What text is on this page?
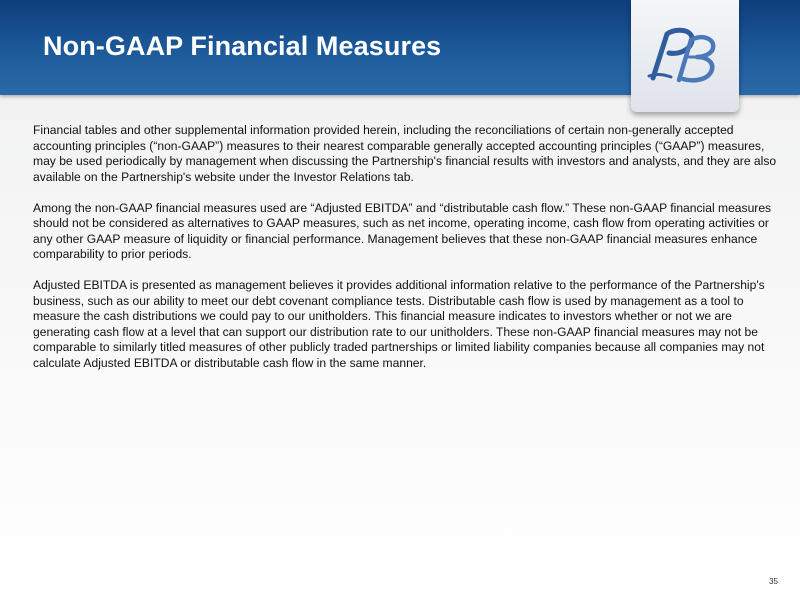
Non-GAAP Financial Measures

Financial tables and other supplemental information provided herein, including the reconciliations of certain non-generally accepted accounting principles (“non-GAAP”) measures to their nearest comparable generally accepted accounting principles (“GAAP”) measures, may be used periodically by management when discussing the Partnership's financial results with investors and analysts, and they are also available on the Partnership's website under the Investor Relations tab.

Among the non-GAAP financial measures used are “Adjusted EBITDA” and “distributable cash flow.” These non-GAAP financial measures should not be considered as alternatives to GAAP measures, such as net income, operating income, cash flow from operating activities or any other GAAP measure of liquidity or financial performance. Management believes that these non-GAAP financial measures enhance comparability to prior periods.

Adjusted EBITDA is presented as management believes it provides additional information relative to the performance of the Partnership's business, such as our ability to meet our debt covenant compliance tests. Distributable cash flow is used by management as a tool to measure the cash distributions we could pay to our unitholders. This financial measure indicates to investors whether or not we are generating cash flow at a level that can support our distribution rate to our unitholders. These non-GAAP financial measures may not be comparable to similarly titled measures of other publicly traded partnerships or limited liability companies because all companies may not calculate Adjusted EBITDA or distributable cash flow in the same manner.

35
